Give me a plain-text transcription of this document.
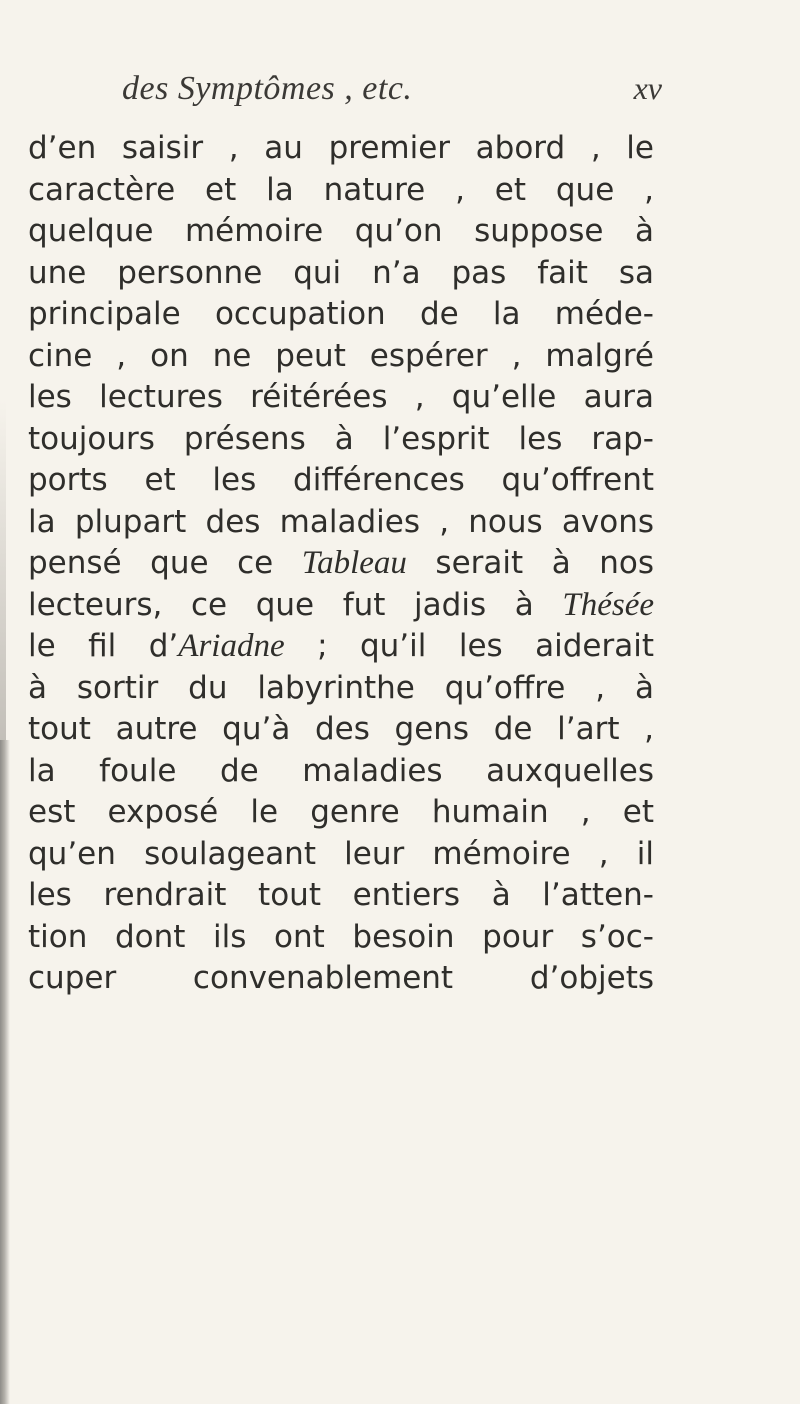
des Symptômes , etc.	xv
d’en saisir , au premier abord , le
caractère et la nature , et que ,
quelque mémoire qu’on suppose à
une personne qui n’a pas fait sa
principale occupation de la méde-
cine , on ne peut espérer , malgré
les lectures réitérées , qu’elle aura
toujours présens à l’esprit les rap-
ports et les différences qu’offrent
la plupart des maladies , nous avons
pensé que ce Tableau serait à nos
lecteurs, ce que fut jadis à Thésée
le fil d’Ariadne ; qu’il les aiderait
à sortir du labyrinthe qu’offre , à
tout autre qu’à des gens de l’art ,
la foule de maladies auxquelles
est exposé le genre humain , et
qu’en soulageant leur mémoire , il
les rendrait tout entiers à l’atten-
tion dont ils ont besoin pour s’oc-
cuper convenablement d’objets
